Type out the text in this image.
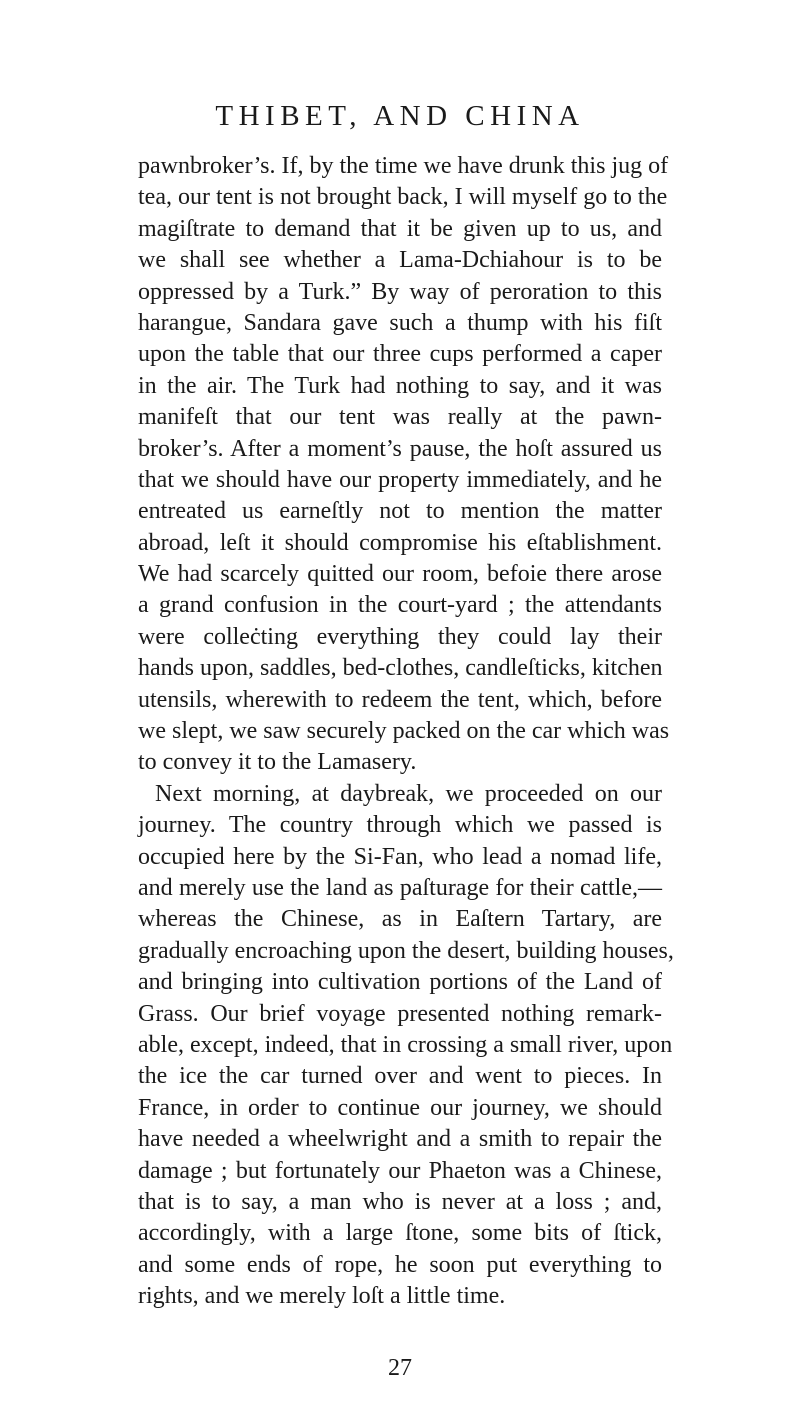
THIBET, AND CHINA
pawnbroker’s. If, by the time we have drunk this jug of
tea, our tent is not brought back, I will myself go to the
magiſtrate to demand that it be given up to us, and
we shall see whether a Lama-Dchiahour is to be
oppressed by a Turk.” By way of peroration to this
harangue, Sandara gave such a thump with his fiſt
upon the table that our three cups performed a caper
in the air. The Turk had nothing to say, and it was
manifeſt that our tent was really at the pawn-
broker’s. After a moment’s pause, the hoſt assured us
that we should have our property immediately, and he
entreated us earneſtly not to mention the matter
abroad, leſt it should compromise his eſtablishment.
We had scarcely quitted our room, befoie there arose
a grand confusion in the court-yard ; the attendants
were colleċting everything they could lay their
hands upon, saddles, bed-clothes, candleſticks, kitchen
utensils, wherewith to redeem the tent, which, before
we slept, we saw securely packed on the car which was
to convey it to the Lamasery.
Next morning, at daybreak, we proceeded on our
journey. The country through which we passed is
occupied here by the Si-Fan, who lead a nomad life,
and merely use the land as paſturage for their cattle,—
whereas the Chinese, as in Eaſtern Tartary, are
gradually encroaching upon the desert, building houses,
and bringing into cultivation portions of the Land of
Grass. Our brief voyage presented nothing remark-
able, except, indeed, that in crossing a small river, upon
the ice the car turned over and went to pieces. In
France, in order to continue our journey, we should
have needed a wheelwright and a smith to repair the
damage ; but fortunately our Phaeton was a Chinese,
that is to say, a man who is never at a loss ; and,
accordingly, with a large ſtone, some bits of ſtick,
and some ends of rope, he soon put everything to
rights, and we merely loſt a little time.
27
